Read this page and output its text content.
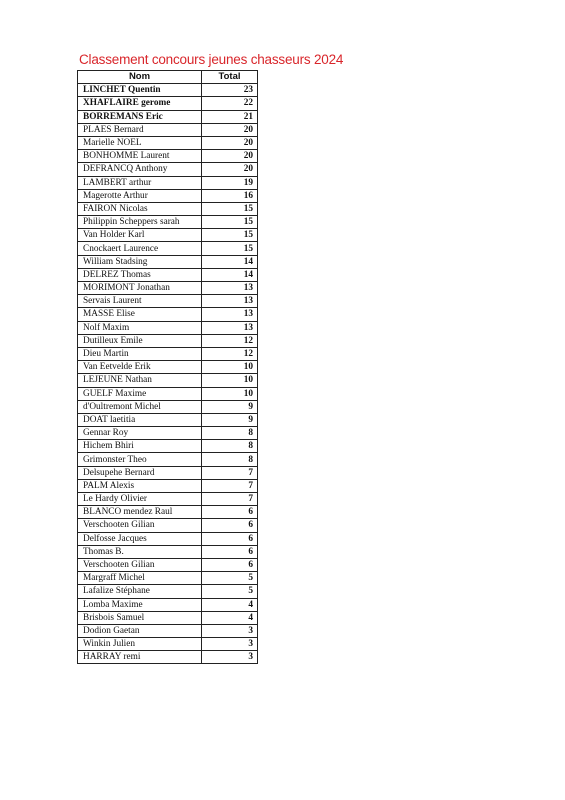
Classement concours jeunes chasseurs 2024
Nom	Total
LINCHET Quentin	23
XHAFLAIRE gerome	22
BORREMANS Eric	21
PLAES Bernard	20
Marielle NOEL	20
BONHOMME Laurent	20
DEFRANCQ Anthony	20
LAMBERT arthur	19
Magerotte Arthur	16
FAIRON Nicolas	15
Philippin Scheppers sarah	15
Van Holder Karl	15
Cnockaert Laurence	15
William Stadsing	14
DELREZ Thomas	14
MORIMONT Jonathan	13
Servais Laurent	13
MASSE Elise	13
Nolf Maxim	13
Dutilleux Emile	12
Dieu Martin	12
Van Eetvelde Erik	10
LEJEUNE Nathan	10
GUELF Maxime	10
d'Oultremont Michel	9
DOAT laetitia	9
Gennar Roy	8
Hichem Bhiri	8
Grimonster Theo	8
Delsupehe Bernard	7
PALM Alexis	7
Le Hardy Olivier	7
BLANCO mendez Raul	6
Verschooten Gilian	6
Delfosse Jacques	6
Thomas B.	6
Verschooten Gilian	6
Margraff Michel	5
Lafalize Stéphane	5
Lomba Maxime	4
Brisbois Samuel	4
Dodion Gaetan	3
Winkin Julien	3
HARRAY remi	3
